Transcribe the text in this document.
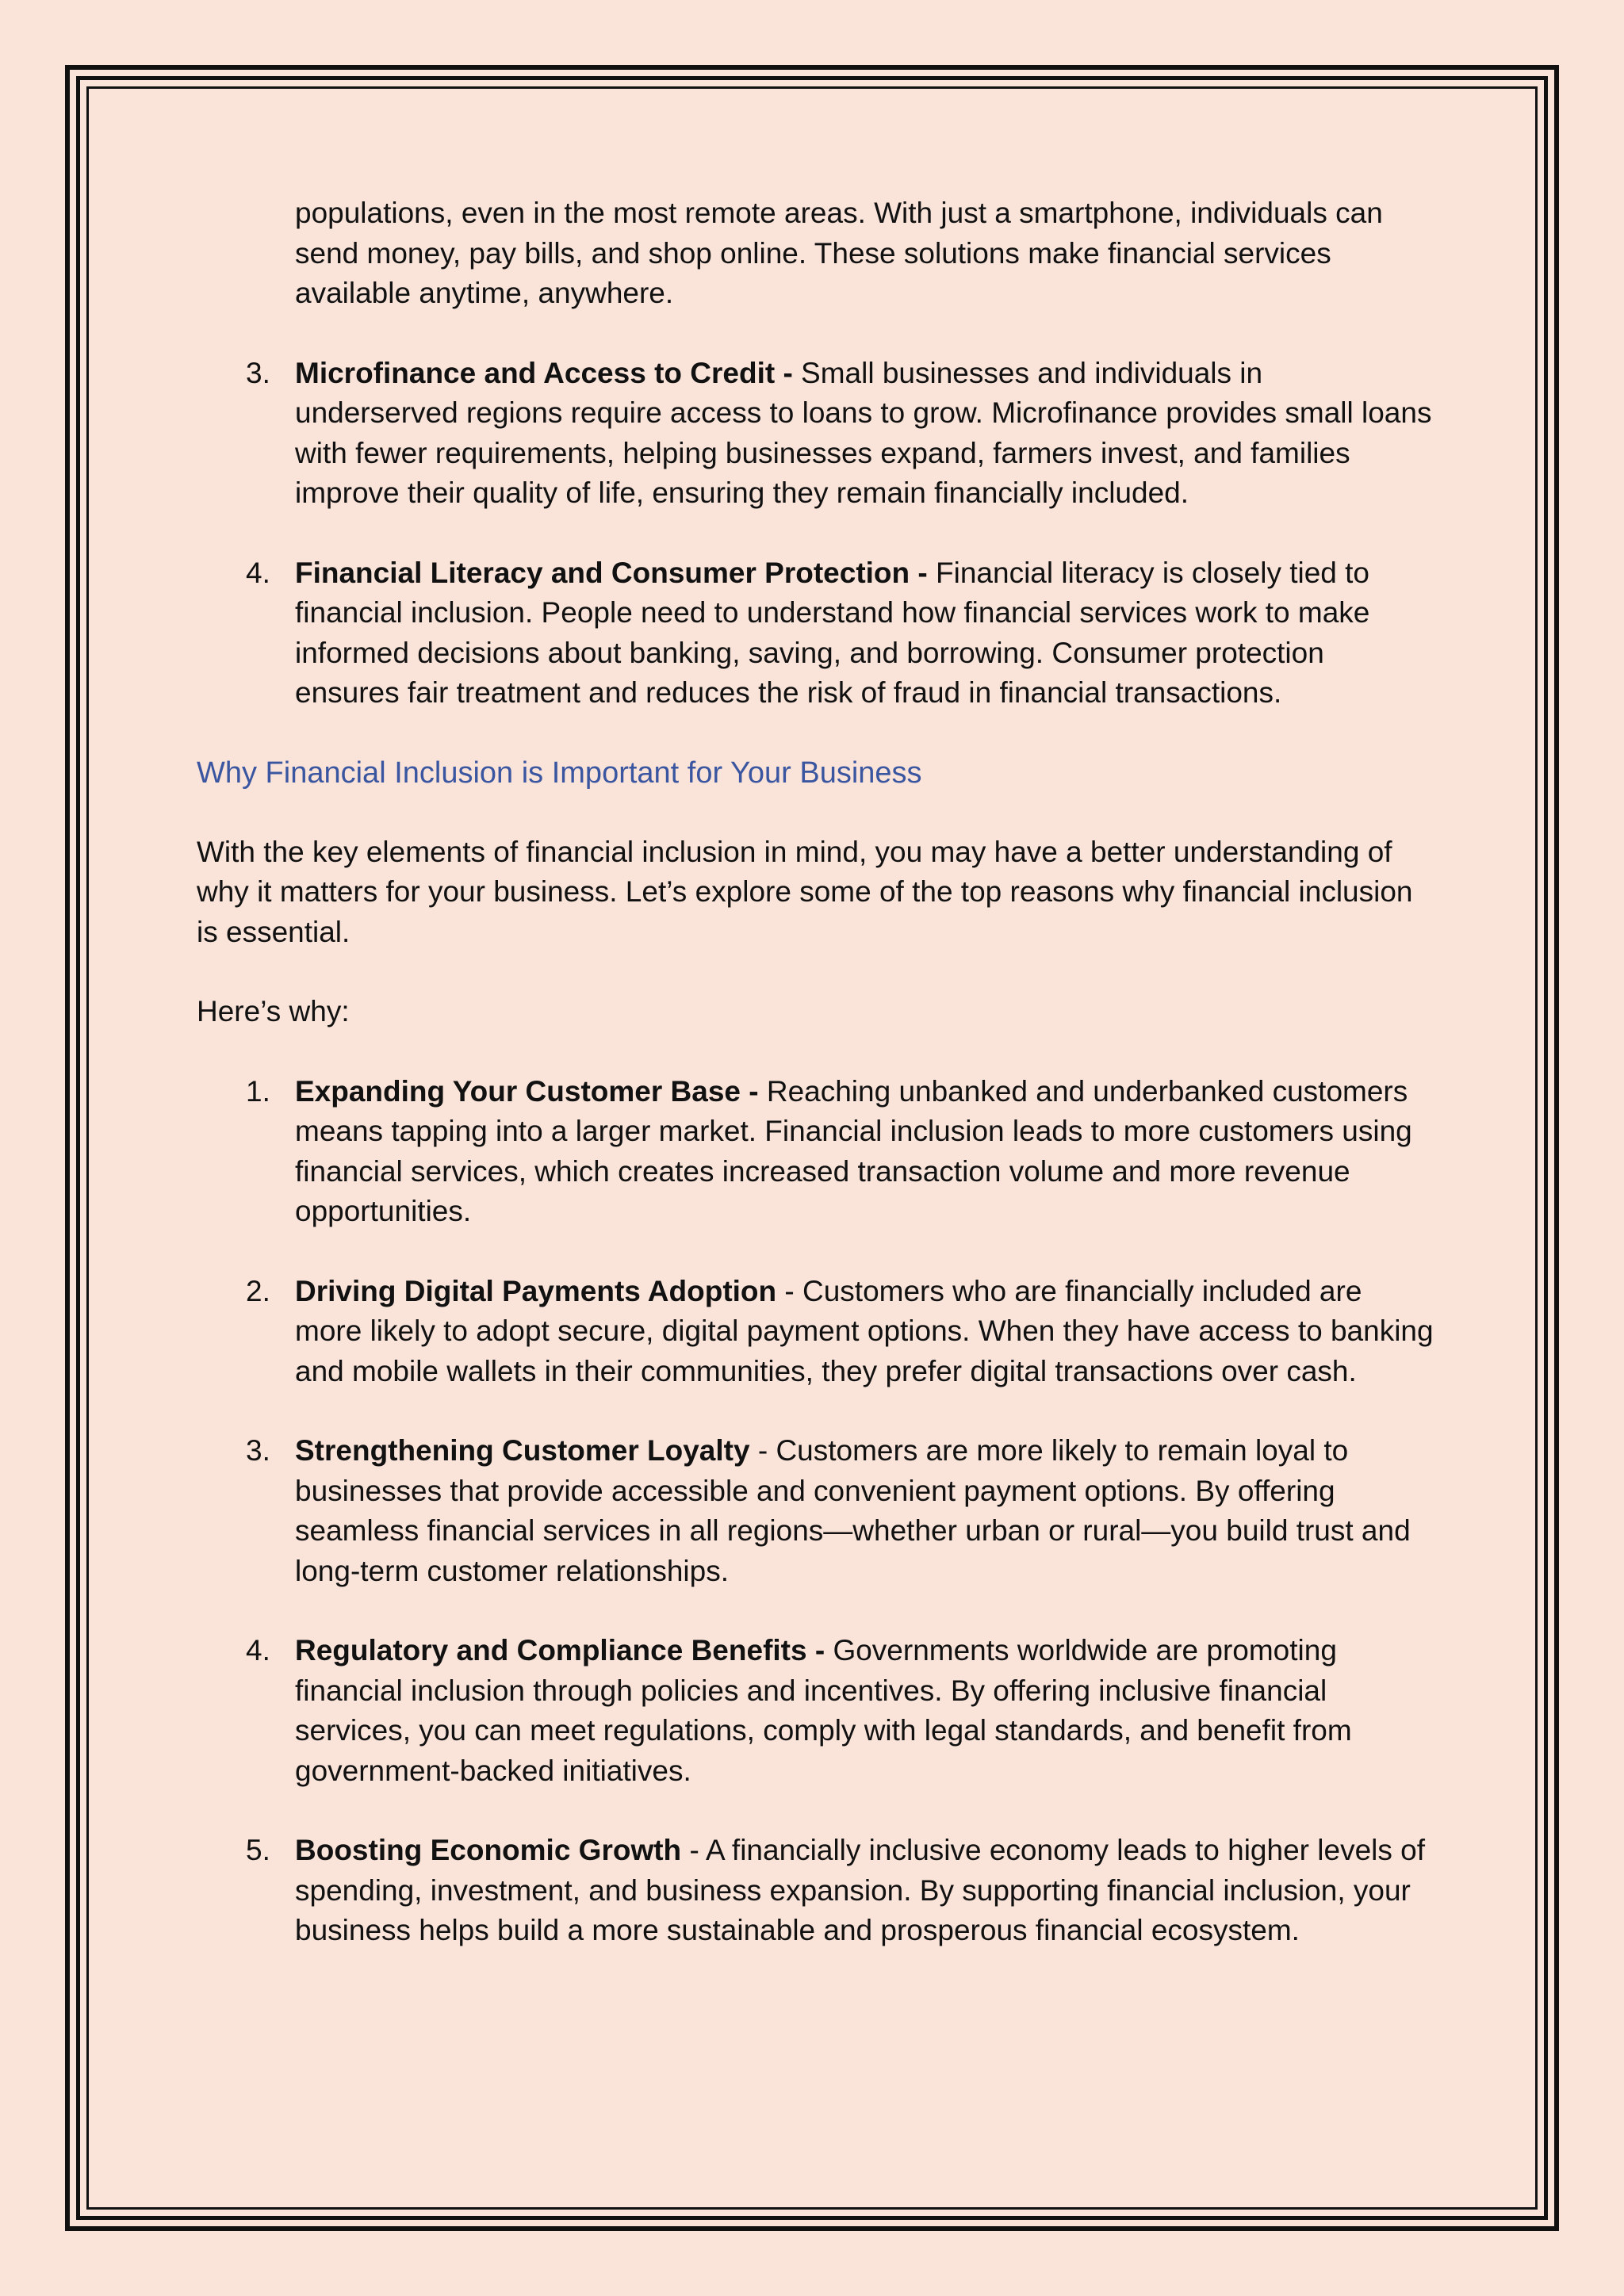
populations, even in the most remote areas. With just a smartphone, individuals can send money, pay bills, and shop online. These solutions make financial services available anytime, anywhere.

3. Microfinance and Access to Credit - Small businesses and individuals in underserved regions require access to loans to grow. Microfinance provides small loans with fewer requirements, helping businesses expand, farmers invest, and families improve their quality of life, ensuring they remain financially included.
4. Financial Literacy and Consumer Protection - Financial literacy is closely tied to financial inclusion. People need to understand how financial services work to make informed decisions about banking, saving, and borrowing. Consumer protection ensures fair treatment and reduces the risk of fraud in financial transactions.

Why Financial Inclusion is Important for Your Business

With the key elements of financial inclusion in mind, you may have a better understanding of why it matters for your business. Let’s explore some of the top reasons why financial inclusion is essential.

Here’s why:

1. Expanding Your Customer Base - Reaching unbanked and underbanked customers means tapping into a larger market. Financial inclusion leads to more customers using financial services, which creates increased transaction volume and more revenue opportunities.
2. Driving Digital Payments Adoption - Customers who are financially included are more likely to adopt secure, digital payment options. When they have access to banking and mobile wallets in their communities, they prefer digital transactions over cash.
3. Strengthening Customer Loyalty - Customers are more likely to remain loyal to businesses that provide accessible and convenient payment options. By offering seamless financial services in all regions—whether urban or rural—you build trust and long-term customer relationships.
4. Regulatory and Compliance Benefits - Governments worldwide are promoting financial inclusion through policies and incentives. By offering inclusive financial services, you can meet regulations, comply with legal standards, and benefit from government-backed initiatives.
5. Boosting Economic Growth - A financially inclusive economy leads to higher levels of spending, investment, and business expansion. By supporting financial inclusion, your business helps build a more sustainable and prosperous financial ecosystem.
